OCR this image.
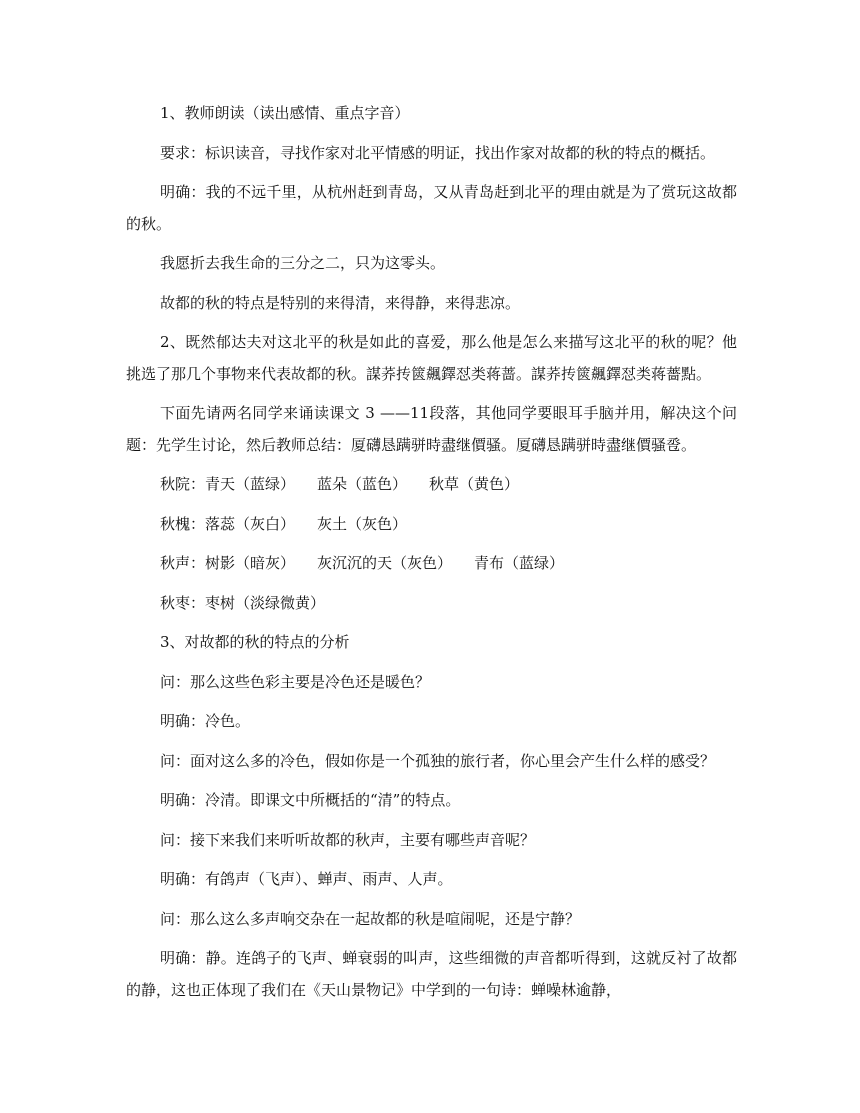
1、教师朗读（读出感情、重点字音）

要求：标识读音，寻找作家对北平情感的明证，找出作家对故都的秋的特点的概括。

明确：我的不远千里，从杭州赶到青岛，又从青岛赶到北平的理由就是为了赏玩这故都的秋。

我愿折去我生命的三分之二，只为这零头。

故都的秋的特点是特别的来得清，来得静，来得悲凉。

2、既然郁达夫对这北平的秋是如此的喜爱，那么他是怎么来描写这北平的秋的呢？他挑选了那几个事物来代表故都的秋。謀荞抟篋飆鐸怼类蒋蔷。謀荞抟篋飆鐸怼类蒋薔點。

下面先请两名同学来诵读课文 3 ——11段落，其他同学要眼耳手脑并用，解决这个问题：先学生讨论，然后教师总结：厦礴恳蹒骈時盡继價骚。厦礴恳蹒骈時盡继價骚卺。

秋院：青天（蓝绿） 蓝朵（蓝色） 秋草（黄色）

秋槐：落蕊（灰白） 灰土（灰色）

秋声：树影（暗灰） 灰沉沉的天（灰色） 青布（蓝绿）

秋枣：枣树（淡绿微黄）

3、对故都的秋的特点的分析

问：那么这些色彩主要是冷色还是暖色？

明确：冷色。

问：面对这么多的冷色，假如你是一个孤独的旅行者，你心里会产生什么样的感受？

明确：冷清。即课文中所概括的“清”的特点。

问：接下来我们来听听故都的秋声，主要有哪些声音呢？

明确：有鸽声（飞声）、蝉声、雨声、人声。

问：那么这么多声响交杂在一起故都的秋是喧闹呢，还是宁静？

明确：静。连鸽子的飞声、蝉衰弱的叫声，这些细微的声音都听得到，这就反衬了故都的静，这也正体现了我们在《天山景物记》中学到的一句诗：蝉噪林逾静，
